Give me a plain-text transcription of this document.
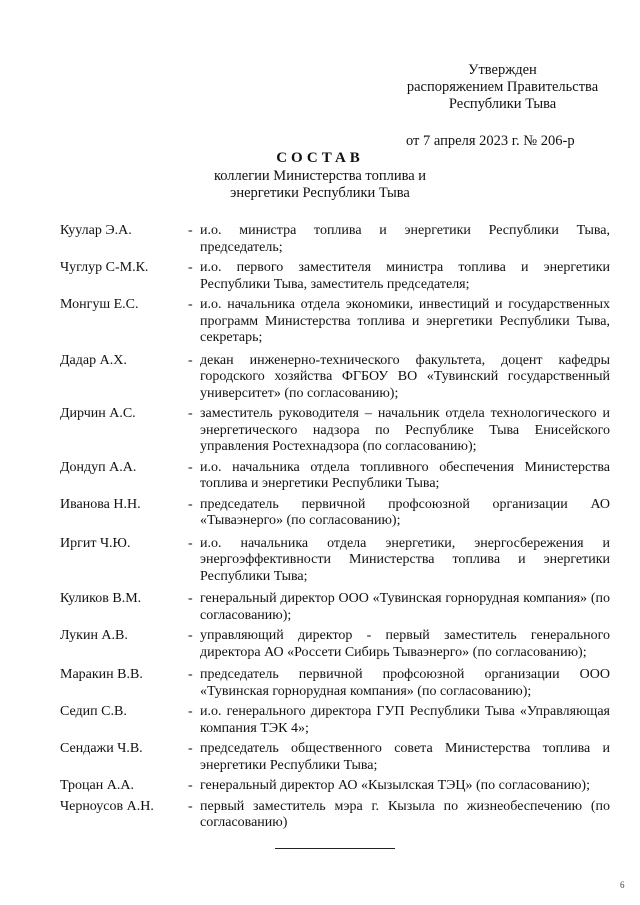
Утвержден
распоряжением Правительства
Республики Тыва
от 7 апреля 2023 г. № 206-р
СОСТАВ
коллегии Министерства топлива и
энергетики Республики Тыва
Куулар Э.А.	- и.о. министра топлива и энергетики Республики Тыва, председатель;
Чуглур С-М.К.	- и.о. первого заместителя министра топлива и энергетики Республики Тыва, заместитель председателя;
Монгуш Е.С.	- и.о. начальника отдела экономики, инвестиций и государственных программ Министерства топлива и энергетики Республики Тыва, секретарь;
Дадар А.Х.	- декан инженерно-технического факультета, доцент кафедры городского хозяйства ФГБОУ ВО «Тувинский государственный университет» (по согласованию);
Дирчин А.С.	- заместитель руководителя – начальник отдела технологического и энергетического надзора по Республике Тыва Енисейского управления Ростехнадзора (по согласованию);
Дондуп А.А.	- и.о. начальника отдела топливного обеспечения Министерства топлива и энергетики Республики Тыва;
Иванова Н.Н.	- председатель первичной профсоюзной организации АО «Тываэнерго» (по согласованию);
Иргит Ч.Ю.	- и.о. начальника отдела энергетики, энергосбережения и энергоэффективности Министерства топлива и энергетики Республики Тыва;
Куликов В.М.	- генеральный директор ООО «Тувинская горнорудная компания» (по согласованию);
Лукин А.В.	- управляющий директор - первый заместитель генерального директора АО «Россети Сибирь Тываэнерго» (по согласованию);
Маракин В.В.	- председатель первичной профсоюзной организации ООО «Тувинская горнорудная компания» (по согласованию);
Седип С.В.	- и.о. генерального директора ГУП Республики Тыва «Управляющая компания ТЭК 4»;
Сендажи Ч.В.	- председатель общественного совета Министерства топлива и энергетики Республики Тыва;
Троцан А.А.	- генеральный директор АО «Кызылская ТЭЦ» (по согласованию);
Черноусов А.Н.	- первый заместитель мэра г. Кызыла по жизнеобеспечению (по согласованию)
6
